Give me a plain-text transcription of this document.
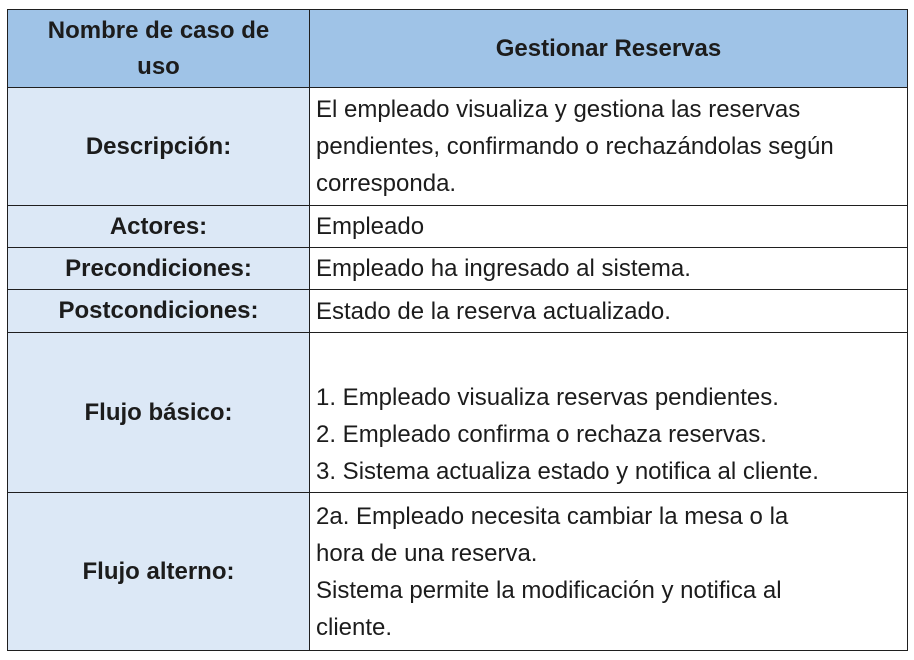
Nombre de caso de uso	Gestionar Reservas
Descripción:	El empleado visualiza y gestiona las reservas
pendientes, confirmando o rechazándolas según
corresponda.

Actores:	Empleado

Precondiciones:	Empleado ha ingresado al sistema.

Postcondiciones:	Estado de la reserva actualizado.

Flujo básico:	1. Empleado visualiza reservas pendientes.
2. Empleado confirma o rechaza reservas.
3. Sistema actualiza estado y notifica al cliente.

Flujo alterno:	2a. Empleado necesita cambiar la mesa o la
hora de una reserva.
Sistema permite la modificación y notifica al
cliente.
